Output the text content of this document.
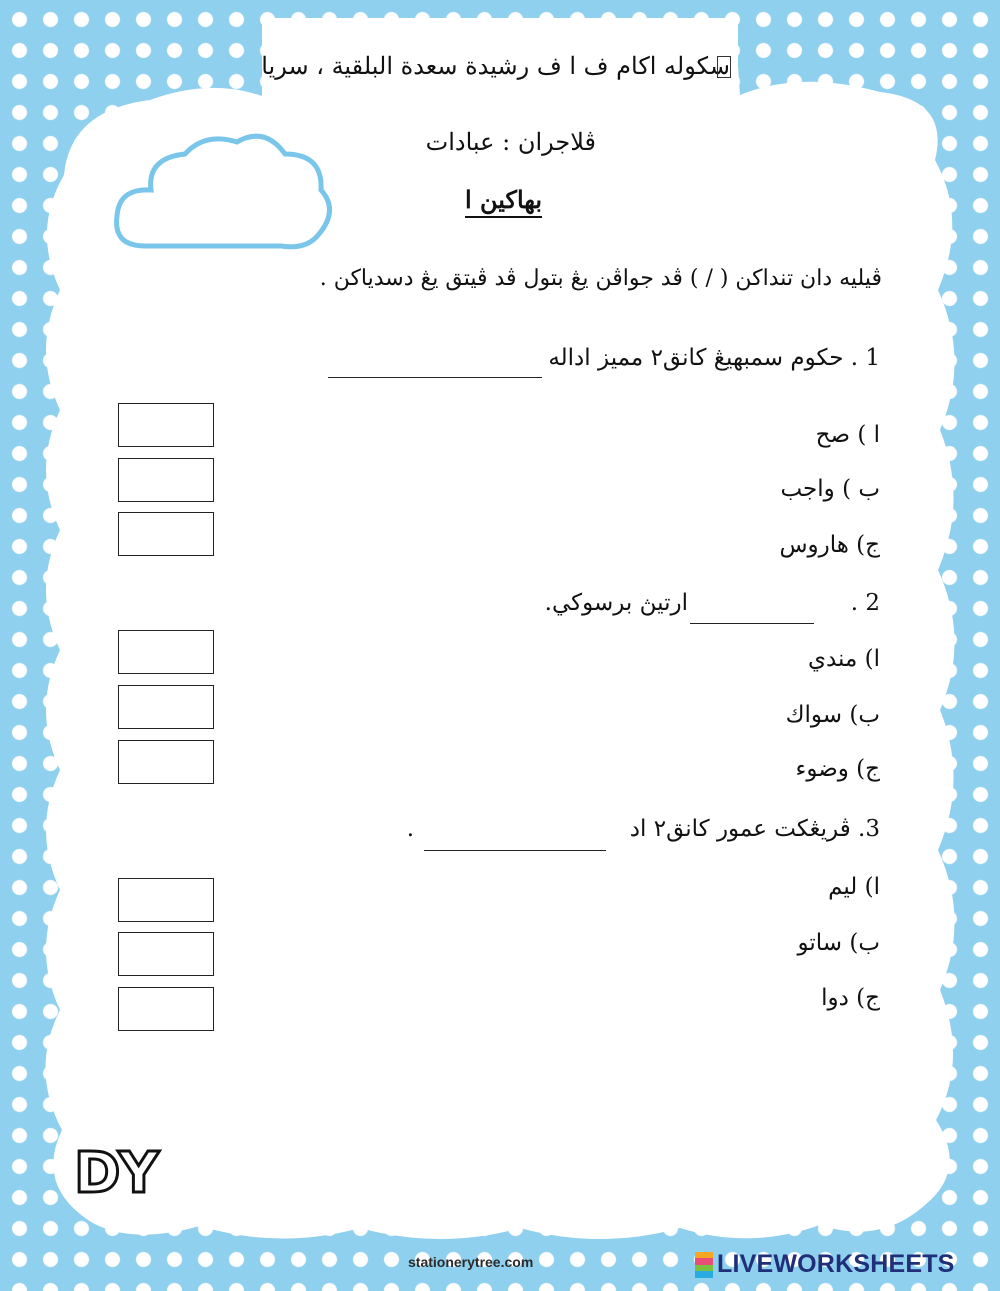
سكوله اكام ف ا ف رشيدة سعدة البلقية ، سريا
ڤلاجران : عبادات
بهاکين ا
ڤيليه دان تنداکن ( / ) ڤد جواڤن يڠ بتول ڤد ڤيتق يڠ دسدياکن .
1 . حکوم سمبهيڠ کانق٢ مميز اداله
ا ) صح
ب ) واجب
ج) هاروس
2 .
ارتيڽ برسوکي.
ا) مندي
ب) سواك
ج) وضوء
3. ڤريڠکت عمور کانق٢ اد
.
ا) ليم
ب) ساتو
ج) دوا
DY
stationerytree.com	LIVEWORKSHEETS
